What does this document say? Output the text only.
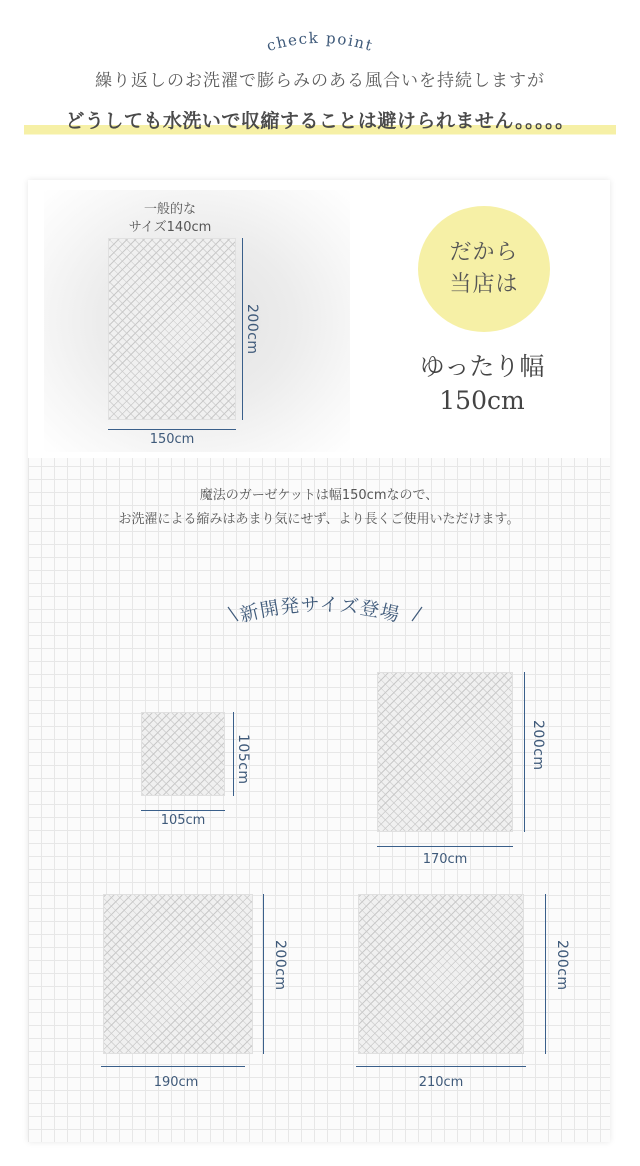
check point
繰り返しのお洗濯で膨らみのある風合いを持続しますが
どうしても水洗いで収縮することは避けられません。。。。。
一般的な
サイズ140cm
200cm
150cm
だから
当店は
ゆったり幅
150cm
魔法のガーゼケットは幅150cmなので、
お洗濯による縮みはあまり気にせず、より長くご使用いただけます。
新開発サイズ登場
105cm
105cm
200cm
170cm
200cm
190cm
200cm
210cm
